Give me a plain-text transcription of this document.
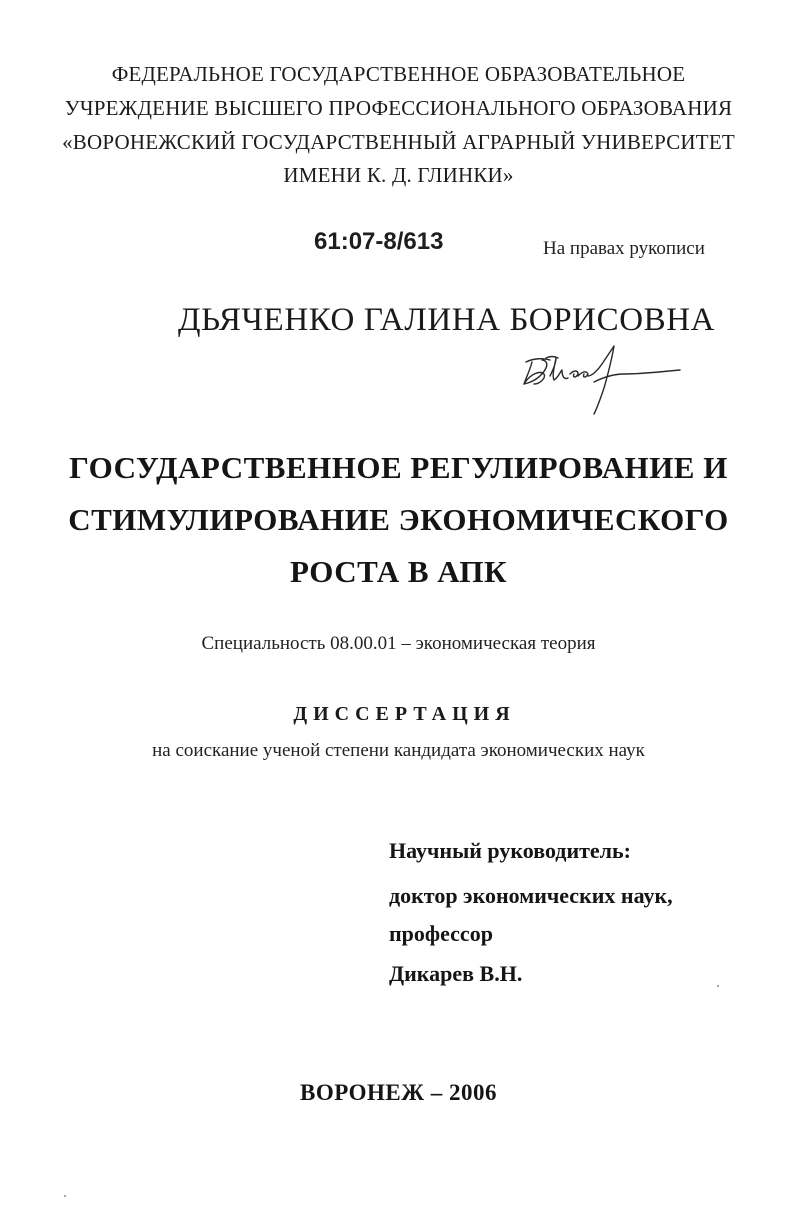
ФЕДЕРАЛЬНОЕ ГОСУДАРСТВЕННОЕ ОБРАЗОВАТЕЛЬНОЕ
УЧРЕЖДЕНИЕ ВЫСШЕГО ПРОФЕССИОНАЛЬНОГО ОБРАЗОВАНИЯ
«ВОРОНЕЖСКИЙ ГОСУДАРСТВЕННЫЙ АГРАРНЫЙ УНИВЕРСИТЕТ
ИМЕНИ К. Д. ГЛИНКИ»
61:07-8/613	На правах рукописи
ДЬЯЧЕНКО ГАЛИНА БОРИСОВНА
ГОСУДАРСТВЕННОЕ РЕГУЛИРОВАНИЕ И
СТИМУЛИРОВАНИЕ ЭКОНОМИЧЕСКОГО
РОСТА В АПК
Специальность 08.00.01 – экономическая теория
ДИССЕРТАЦИЯ
на соискание ученой степени кандидата экономических наук
Научный руководитель:
доктор экономических наук,
профессор
Дикарев В.Н.
ВОРОНЕЖ – 2006
